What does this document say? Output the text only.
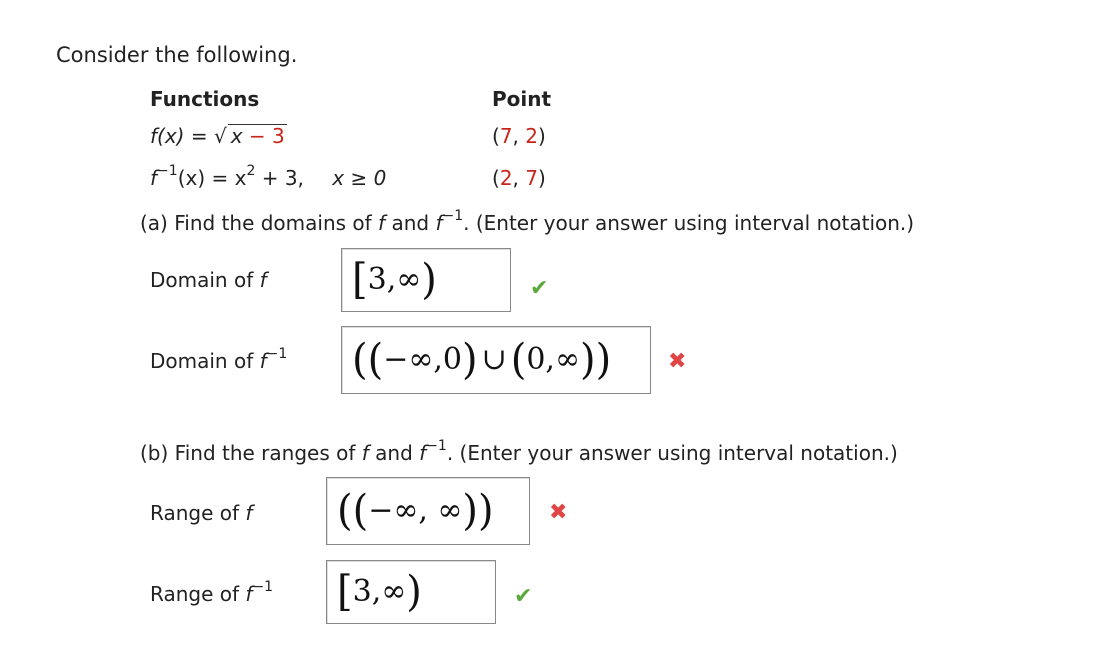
Consider the following.
Functions	Point
f(x) = √ x − 3	(7, 2)
$f^{-1}(x) = x^2 + 3$, x ≥ 0	(2, 7)
(a) Find the domains of f and $f^{-1}$. (Enter your answer using interval notation.)
Domain of f [ 3,∞ )	✔
Domain of $f^{-1}$ ( ( −∞,0 ) ∪ ( 0,∞ ) )	✖
(b) Find the ranges of f and $f^{-1}$. (Enter your answer using interval notation.)
Range of f ( ( −∞, ∞ ) )	✖
Range of $f^{-1}$ [ 3,∞ )	✔
